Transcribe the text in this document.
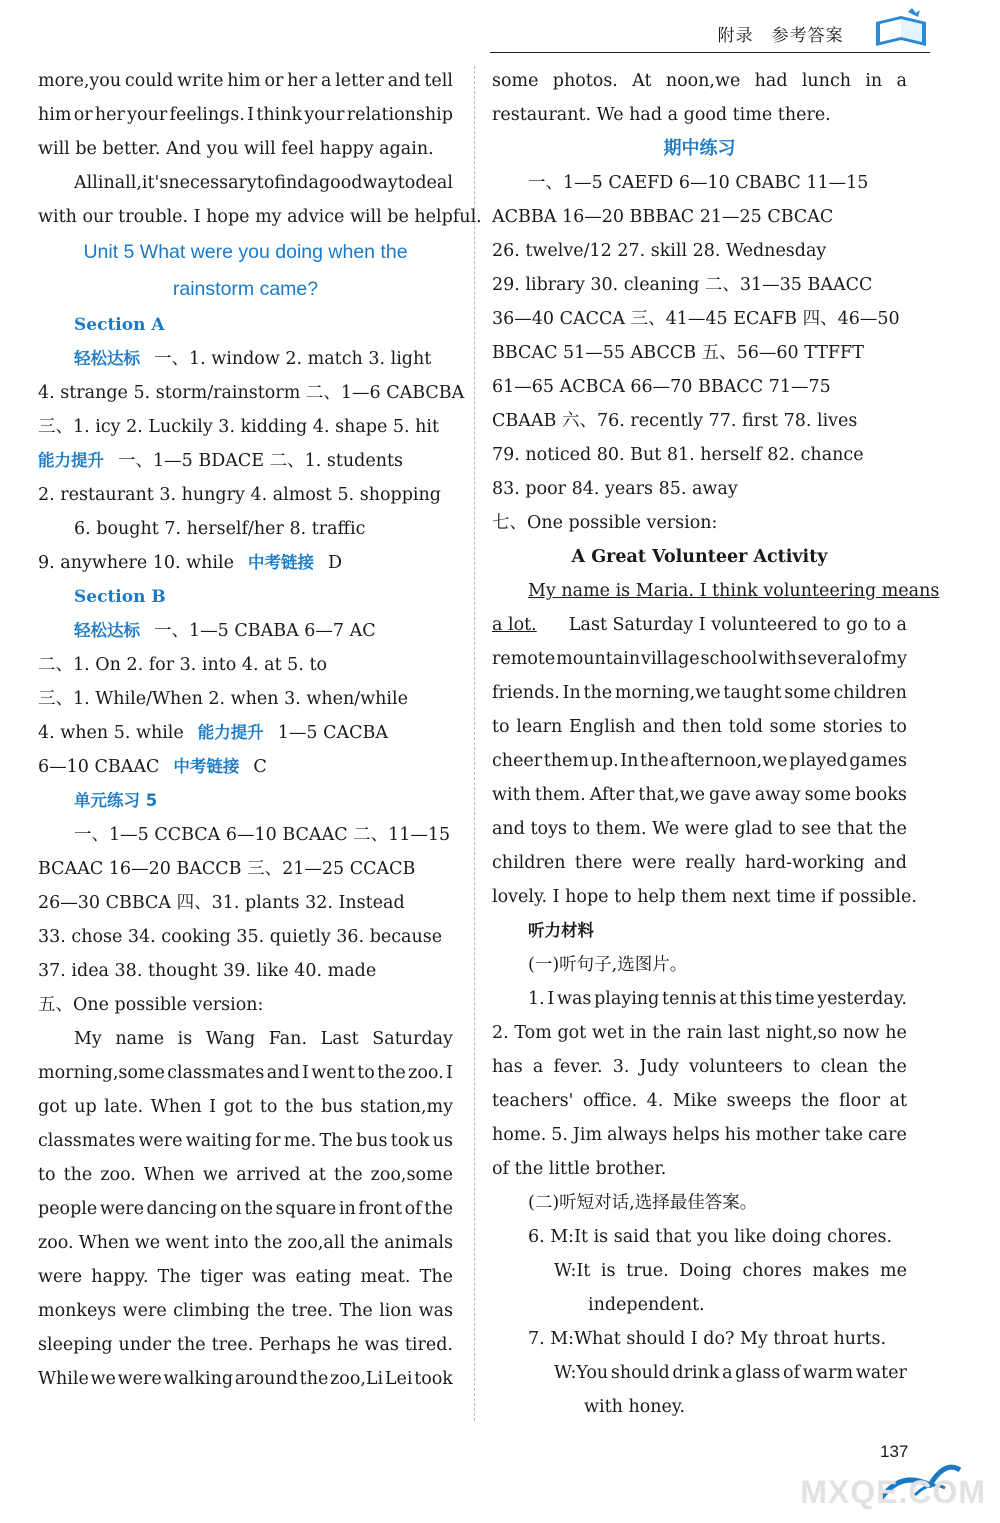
附录 参考答案
more,you could write him or her a letter and tell
him or her your feelings. I think your relationship
will be better. And you will feel happy again.
All in all,it's necessary to find a good way to deal
with our trouble. I hope my advice will be helpful.
Unit 5 What were you doing when the
rainstorm came?
Section A
轻松达标 一、1. window 2. match 3. light
4. strange 5. storm/rainstorm 二、1—6 CABCBA
三、1. icy 2. Luckily 3. kidding 4. shape 5. hit
能力提升 一、1—5 BDACE 二、1. students
2. restaurant 3. hungry 4. almost 5. shopping
6. bought 7. herself/her 8. traffic
9. anywhere 10. while 中考链接 D
Section B
轻松达标 一、1—5 CBABA 6—7 AC
二、1. On 2. for 3. into 4. at 5. to
三、1. While/When 2. when 3. when/while
4. when 5. while 能力提升 1—5 CACBA
6—10 CBAAC 中考链接 C
单元练习 5
一、1—5 CCBCA 6—10 BCAAC 二、11—15
BCAAC 16—20 BACCB 三、21—25 CCACB
26—30 CBBCA 四、31. plants 32. Instead
33. chose 34. cooking 35. quietly 36. because
37. idea 38. thought 39. like 40. made
五、One possible version:
My name is Wang Fan. Last Saturday
morning,some classmates and I went to the zoo. I
got up late. When I got to the bus station,my
classmates were waiting for me. The bus took us
to the zoo. When we arrived at the zoo,some
people were dancing on the square in front of the
zoo. When we went into the zoo,all the animals
were happy. The tiger was eating meat. The
monkeys were climbing the tree. The lion was
sleeping under the tree. Perhaps he was tired.
While we were walking around the zoo,Li Lei took
some photos. At noon,we had lunch in a
restaurant. We had a good time there.
期中练习
一、1—5 CAEFD 6—10 CBABC 11—15
ACBBA 16—20 BBBAC 21—25 CBCAC
26. twelve/12 27. skill 28. Wednesday
29. library 30. cleaning 二、31—35 BAACC
36—40 CACCA 三、41—45 ECAFB 四、46—50
BBCAC 51—55 ABCCB 五、56—60 TTFFT
61—65 ACBCA 66—70 BBACC 71—75
CBAAB 六、76. recently 77. first 78. lives
79. noticed 80. But 81. herself 82. chance
83. poor 84. years 85. away
七、One possible version:
A Great Volunteer Activity
My name is Maria. I think volunteering means
a lot. Last Saturday I volunteered to go to a
remote mountain village school with several of my
friends. In the morning,we taught some children
to learn English and then told some stories to
cheer them up. In the afternoon,we played games
with them. After that,we gave away some books
and toys to them. We were glad to see that the
children there were really hard-working and
lovely. I hope to help them next time if possible.
听力材料
(一)听句子,选图片。
1. I was playing tennis at this time yesterday.
2. Tom got wet in the rain last night,so now he
has a fever. 3. Judy volunteers to clean the
teachers' office. 4. Mike sweeps the floor at
home. 5. Jim always helps his mother take care
of the little brother.
(二)听短对话,选择最佳答案。
6. M:It is said that you like doing chores.
W:It is true. Doing chores makes me
independent.
7. M:What should I do? My throat hurts.
W:You should drink a glass of warm water
with honey.
137
MXQE.COM
